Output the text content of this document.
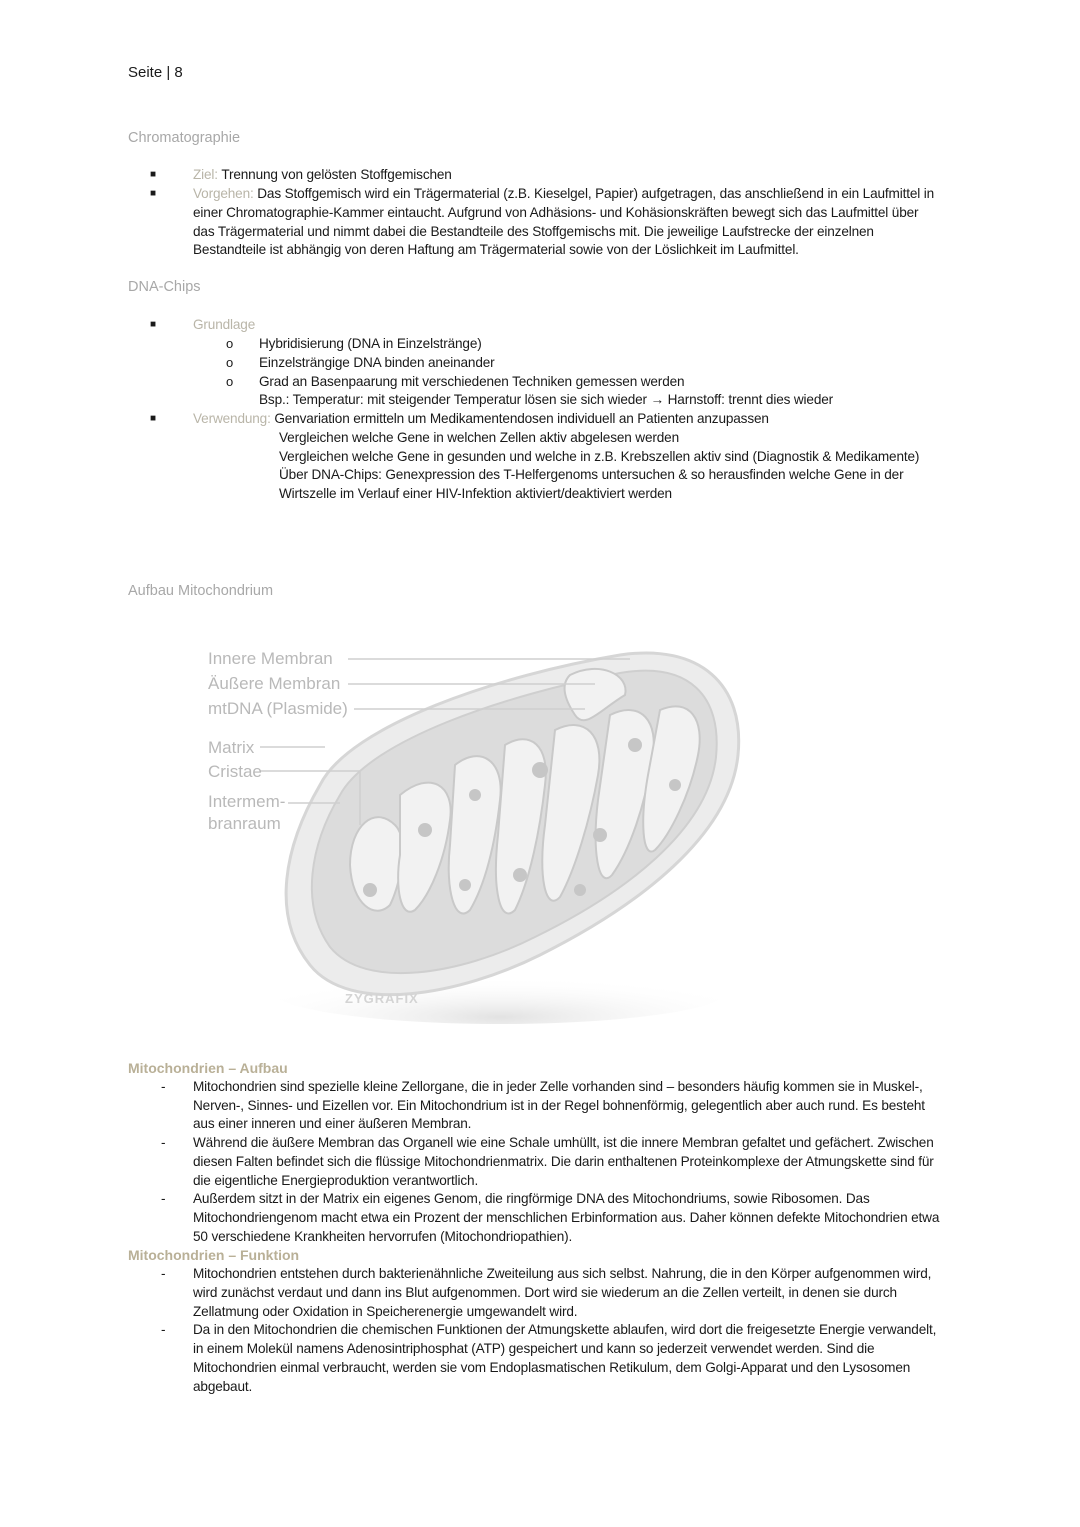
Seite | 8
Chromatographie
■	Ziel: Trennung von gelösten Stoffgemischen
■	Vorgehen: Das Stoffgemisch wird ein Trägermaterial (z.B. Kieselgel, Papier) aufgetragen, das anschließend in ein Laufmittel in
einer Chromatographie-Kammer eintaucht. Aufgrund von Adhäsions- und Kohäsionskräften bewegt sich das Laufmittel über
das Trägermaterial und nimmt dabei die Bestandteile des Stoffgemischs mit. Die jeweilige Laufstrecke der einzelnen
Bestandteile ist abhängig von deren Haftung am Trägermaterial sowie von der Löslichkeit im Laufmittel.
DNA-Chips
■	Grundlage
o Hybridisierung (DNA in Einzelstränge)
o Einzelsträngige DNA binden aneinander
o Grad an Basenpaarung mit verschiedenen Techniken gemessen werden
Bsp.: Temperatur: mit steigender Temperatur lösen sie sich wieder → Harnstoff: trennt dies wieder
■	Verwendung: Genvariation ermitteln um Medikamentendosen individuell an Patienten anzupassen
Vergleichen welche Gene in welchen Zellen aktiv abgelesen werden
Vergleichen welche Gene in gesunden und welche in z.B. Krebszellen aktiv sind (Diagnostik & Medikamente)
Über DNA-Chips: Genexpression des T-Helfergenoms untersuchen & so herausfinden welche Gene in der
Wirtszelle im Verlauf einer HIV-Infektion aktiviert/deaktiviert werden
Aufbau Mitochondrium
Innere Membran
Äußere Membran
mtDNA (Plasmide)
Matrix
Cristae
Intermem-
branraum
ZYGRAFIX
Mitochondrien – Aufbau
- Mitochondrien sind spezielle kleine Zellorgane, die in jeder Zelle vorhanden sind – besonders häufig kommen sie in Muskel-,
Nerven-, Sinnes- und Eizellen vor. Ein Mitochondrium ist in der Regel bohnenförmig, gelegentlich aber auch rund. Es besteht
aus einer inneren und einer äußeren Membran.
- Während die äußere Membran das Organell wie eine Schale umhüllt, ist die innere Membran gefaltet und gefächert. Zwischen
diesen Falten befindet sich die flüssige Mitochondrienmatrix. Die darin enthaltenen Proteinkomplexe der Atmungskette sind für
die eigentliche Energieproduktion verantwortlich.
- Außerdem sitzt in der Matrix ein eigenes Genom, die ringförmige DNA des Mitochondriums, sowie Ribosomen. Das
Mitochondriengenom macht etwa ein Prozent der menschlichen Erbinformation aus. Daher können defekte Mitochondrien etwa
50 verschiedene Krankheiten hervorrufen (Mitochondriopathien).
Mitochondrien – Funktion
- Mitochondrien entstehen durch bakterienähnliche Zweiteilung aus sich selbst. Nahrung, die in den Körper aufgenommen wird,
wird zunächst verdaut und dann ins Blut aufgenommen. Dort wird sie wiederum an die Zellen verteilt, in denen sie durch
Zellatmung oder Oxidation in Speicherenergie umgewandelt wird.
- Da in den Mitochondrien die chemischen Funktionen der Atmungskette ablaufen, wird dort die freigesetzte Energie verwandelt,
in einem Molekül namens Adenosintriphosphat (ATP) gespeichert und kann so jederzeit verwendet werden. Sind die
Mitochondrien einmal verbraucht, werden sie vom Endoplasmatischen Retikulum, dem Golgi-Apparat und den Lysosomen
abgebaut.
